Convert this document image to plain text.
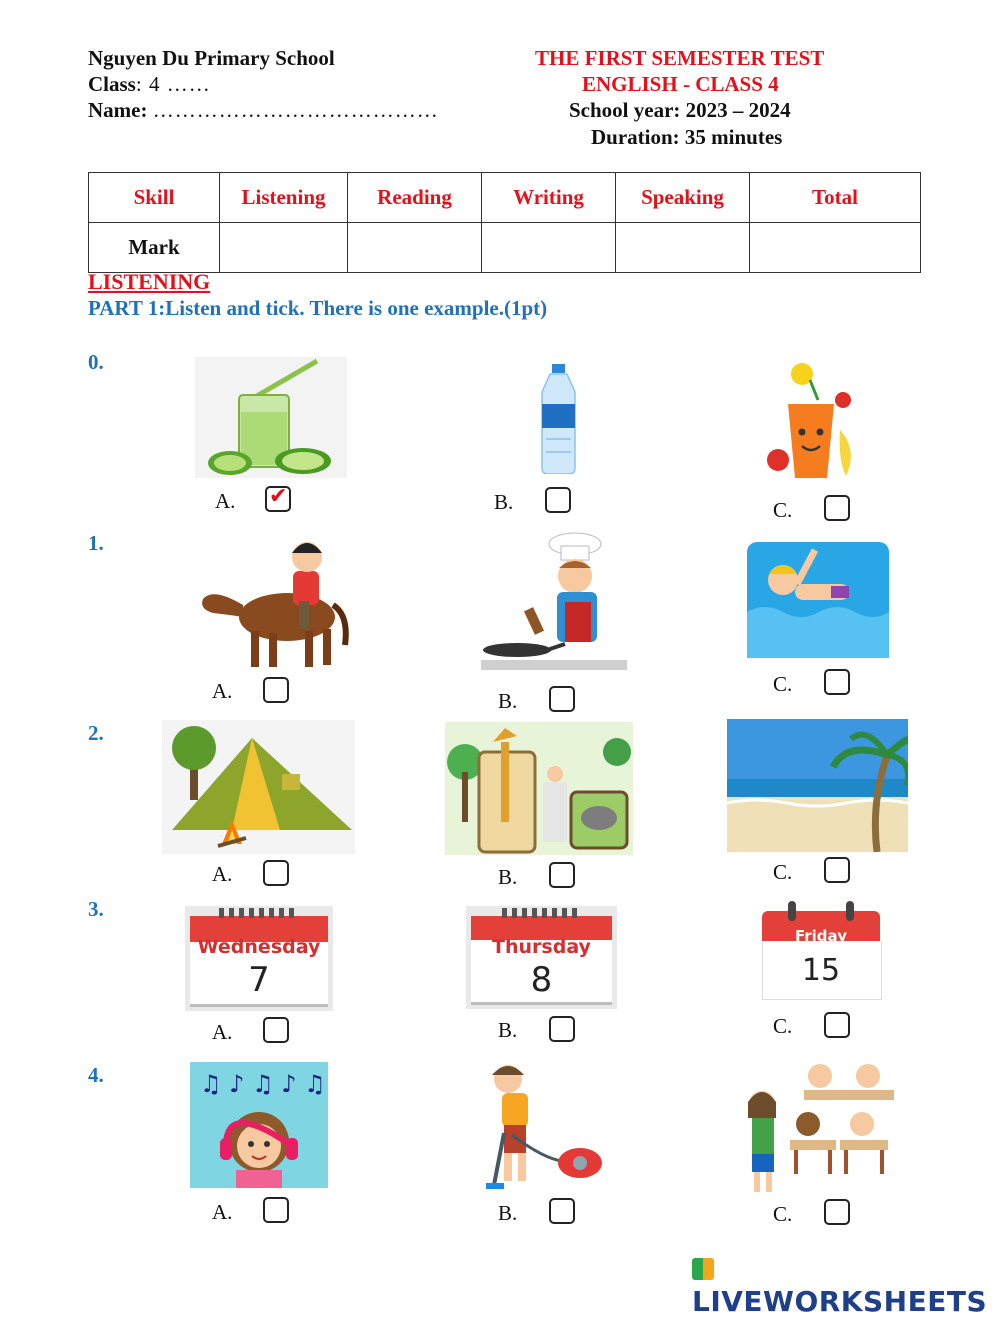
Nguyen Du Primary School
Class: 4 ……
Name: …………………………………
THE FIRST SEMESTER TEST
ENGLISH - CLASS 4
School year: 2023 – 2024
Duration: 35 minutes
Skill	Listening	Reading	Writing	Speaking	Total
Mark					
LISTENING
PART 1:Listen and tick. There is one example.(1pt)
0.
1.
2.
3.
4.
A. ✔	B.	C.
A.	B.
C.
A.	B.	C.
Wednesday
7
Thursday
8
Friday
15
A.	B.	C.
♫ ♪ ♫ ♪ ♫
A.	B.	C.
LIVEWORKSHEETS
